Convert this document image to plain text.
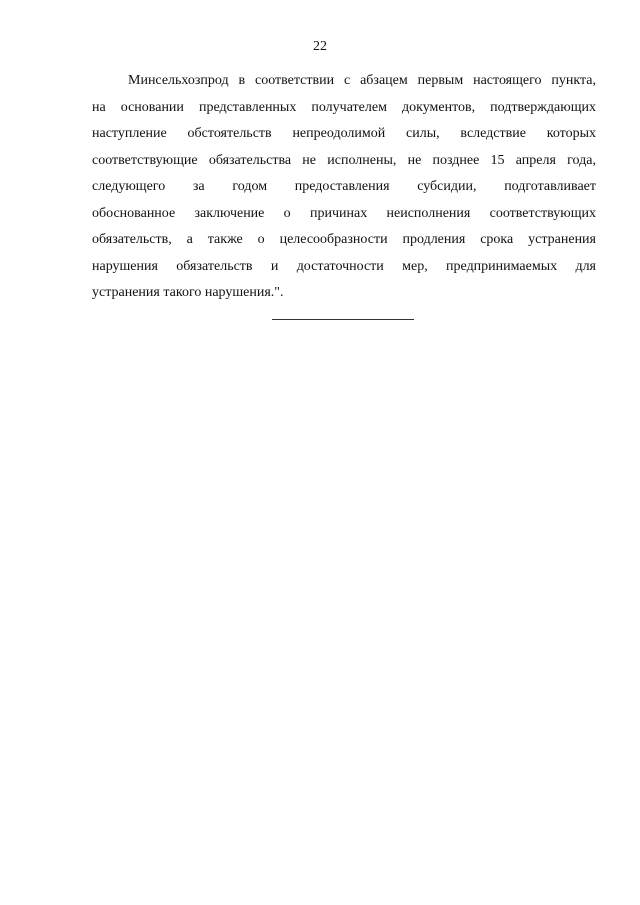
22
Минсельхозпрод в соответствии с абзацем первым настоящего пункта,
на основании представленных получателем документов, подтверждающих
наступление обстоятельств непреодолимой силы, вследствие которых
соответствующие обязательства не исполнены, не позднее 15 апреля года,
следующего за годом предоставления субсидии, подготавливает
обоснованное заключение о причинах неисполнения соответствующих
обязательств, а также о целесообразности продления срока устранения
нарушения обязательств и достаточности мер, предпринимаемых для
устранения такого нарушения.".
